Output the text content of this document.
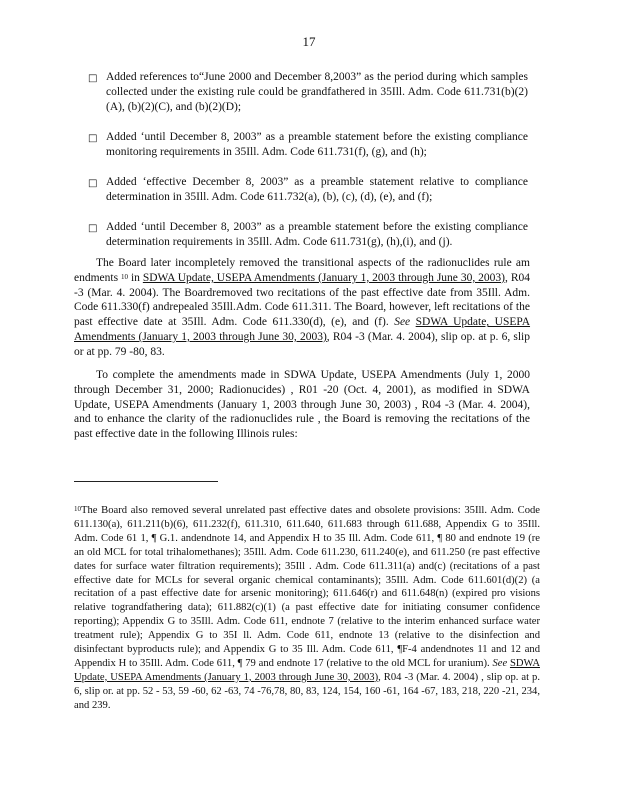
17
□ Added references to“June 2000 and December 8,2003” as the period during which samples collected under the existing rule could be grandfathered in 35Ill. Adm. Code 611.731(b)(2)(A), (b)(2)(C), and (b)(2)(D);
□ Added ‘until December 8, 2003” as a preamble statement before the existing compliance monitoring requirements in 35Ill. Adm. Code 611.731(f), (g), and (h);
□ Added ‘effective December 8, 2003” as a preamble statement relative to compliance determination in 35Ill. Adm. Code 611.732(a), (b), (c), (d), (e), and (f);
□ Added ‘until December 8, 2003” as a preamble statement before the existing compliance determination requirements in 35Ill. Adm. Code 611.731(g), (h),(i), and (j).
The Board later incompletely removed the transitional aspects of the radionuclides rule am endments $^{10}$ in SDWA Update, USEPA Amendments (January 1, 2003 through June 30, 2003), R04 -3 (Mar. 4. 2004). The Boardremoved two recitations of the past effective date from 35Ill. Adm. Code 611.330(f) andrepealed 35Ill.Adm. Code 611.311. The Board, however, left recitations of the past effective date at 35Ill. Adm. Code 611.330(d), (e), and (f). See SDWA Update, USEPA Amendments (January 1, 2003 through June 30, 2003), R04 -3 (Mar. 4. 2004), slip op. at p. 6, slip or at pp. 79 -80, 83.
To complete the amendments made in SDWA Update, USEPA Amendments (July 1, 2000 through December 31, 2000; Radionucides) , R01 -20 (Oct. 4, 2001), as modified in SDWA Update, USEPA Amendments (January 1, 2003 through June 30, 2003) , R04 -3 (Mar. 4. 2004), and to enhance the clarity of the radionuclides rule , the Board is removing the recitations of the past effective date in the following Illinois rules:
$^{10}$The Board also removed several unrelated past effective dates and obsolete provisions: 35Ill. Adm. Code 611.130(a), 611.211(b)(6), 611.232(f), 611.310, 611.640, 611.683 through 611.688, Appendix G to 35Ill. Adm. Code 61 1, ¶ G.1. andendnote 14, and Appendix H to 35 Ill. Adm. Code 611, ¶ 80 and endnote 19 (re an old MCL for total trihalomethanes); 35Ill. Adm. Code 611.230, 611.240(e), and 611.250 (re past effective dates for surface water filtration requirements); 35Ill . Adm. Code 611.311(a) and(c) (recitations of a past effective date for MCLs for several organic chemical contaminants); 35Ill. Adm. Code 611.601(d)(2) (a recitation of a past effective date for arsenic monitoring); 611.646(r) and 611.648(n) (expired pro visions relative tograndfathering data); 611.882(c)(1) (a past effective date for initiating consumer confidence reporting); Appendix G to 35Ill. Adm. Code 611, endnote 7 (relative to the interim enhanced surface water treatment rule); Appendix G to 35I ll. Adm. Code 611, endnote 13 (relative to the disinfection and disinfectant byproducts rule); and Appendix G to 35 Ill. Adm. Code 611, ¶F-4 andendnotes 11 and 12 and Appendix H to 35Ill. Adm. Code 611, ¶ 79 and endnote 17 (relative to the old MCL for uranium). See SDWA Update, USEPA Amendments (January 1, 2003 through June 30, 2003), R04 -3 (Mar. 4. 2004) , slip op. at p. 6, slip or. at pp. 52 - 53, 59 -60, 62 -63, 74 -76,78, 80, 83, 124, 154, 160 -61, 164 -67, 183, 218, 220 -21, 234, and 239.
